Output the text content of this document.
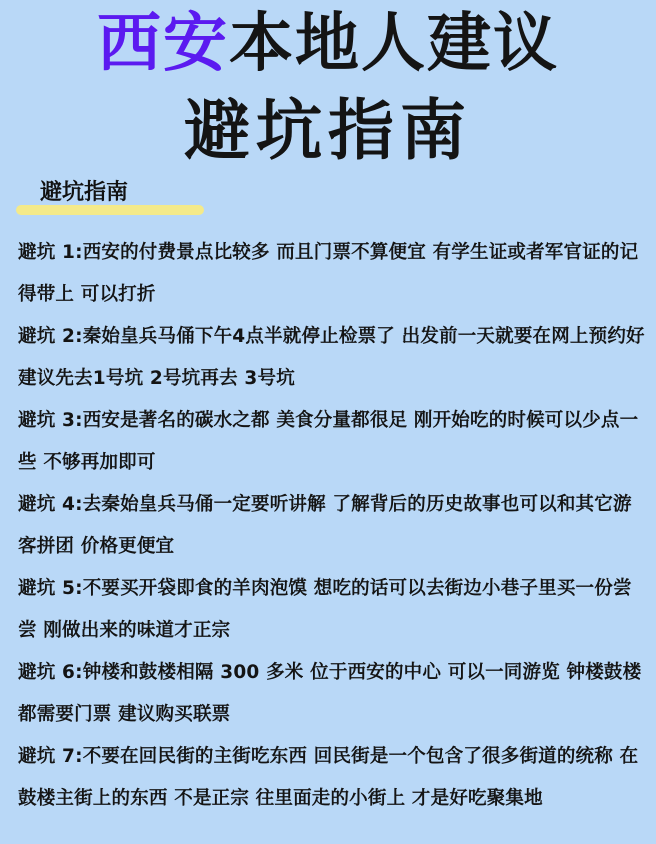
西安本地人建议
避坑指南
避坑指南
避坑 1:西安的付费景点比较多 而且门票不算便宜 有学生证或者军官证的记得带上 可以打折
避坑 2:秦始皇兵马俑下午4点半就停止检票了 出发前一天就要在网上预约好 建议先去1号坑 2号坑再去 3号坑
避坑 3:西安是著名的碳水之都 美食分量都很足 刚开始吃的时候可以少点一些 不够再加即可
避坑 4:去秦始皇兵马俑一定要听讲解 了解背后的历史故事也可以和其它游客拼团 价格更便宜
避坑 5:不要买开袋即食的羊肉泡馍 想吃的话可以去街边小巷子里买一份尝尝 刚做出来的味道才正宗
避坑 6:钟楼和鼓楼相隔 300 多米 位于西安的中心 可以一同游览 钟楼鼓楼都需要门票 建议购买联票
避坑 7:不要在回民街的主街吃东西 回民街是一个包含了很多街道的统称 在鼓楼主街上的东西 不是正宗 往里面走的小街上 才是好吃聚集地
